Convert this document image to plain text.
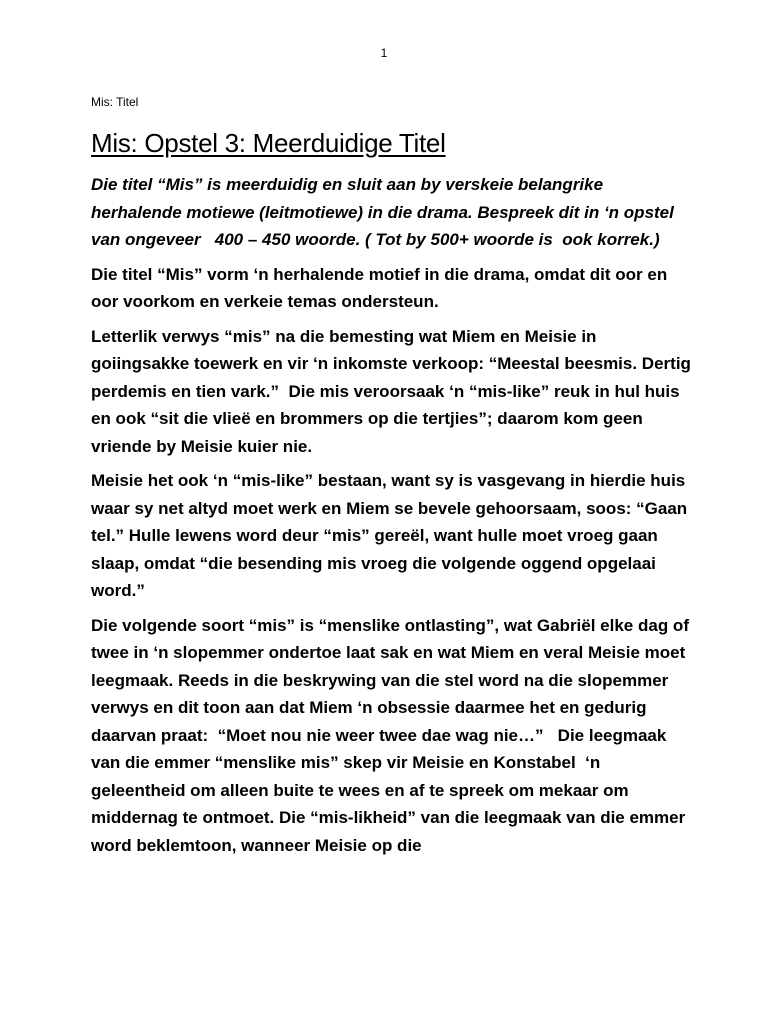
1
Mis: Titel
Mis: Opstel 3: Meerduidige Titel

Die titel “Mis” is meerduidig en sluit aan by verskeie belangrike herhalende motiewe (leitmotiewe) in die drama. Bespreek dit in ‘n opstel van ongeveer   400 – 450 woorde. ( Tot by 500+ woorde is  ook korrek.)

Die titel “Mis” vorm ‘n herhalende motief in die drama, omdat dit oor en oor voorkom en verkeie temas ondersteun.

Letterlik verwys “mis” na die bemesting wat Miem en Meisie in goiingsakke toewerk en vir ‘n inkomste verkoop: “Meestal beesmis. Dertig perdemis en tien vark.”  Die mis veroorsaak ‘n “mis-like” reuk in hul huis en ook “sit die vlieë en brommers op die tertjies”; daarom kom geen vriende by Meisie kuier nie.

Meisie het ook ‘n “mis-like” bestaan, want sy is vasgevang in hierdie huis waar sy net altyd moet werk en Miem se bevele gehoorsaam, soos: “Gaan tel.” Hulle lewens word deur “mis” gereël, want hulle moet vroeg gaan slaap, omdat “die besending mis vroeg die volgende oggend opgelaai word.”

Die volgende soort “mis” is “menslike ontlasting”, wat Gabriël elke dag of twee in ‘n slopemmer ondertoe laat sak en wat Miem en veral Meisie moet leegmaak. Reeds in die beskrywing van die stel word na die slopemmer verwys en dit toon aan dat Miem ‘n obsessie daarmee het en gedurig daarvan praat:  “Moet nou nie weer twee dae wag nie…”   Die leegmaak van die emmer “menslike mis” skep vir Meisie en Konstabel  ‘n geleentheid om alleen buite te wees en af te spreek om mekaar om middernag te ontmoet. Die “mis-likheid” van die leegmaak van die emmer word beklemtoon, wanneer Meisie op die
